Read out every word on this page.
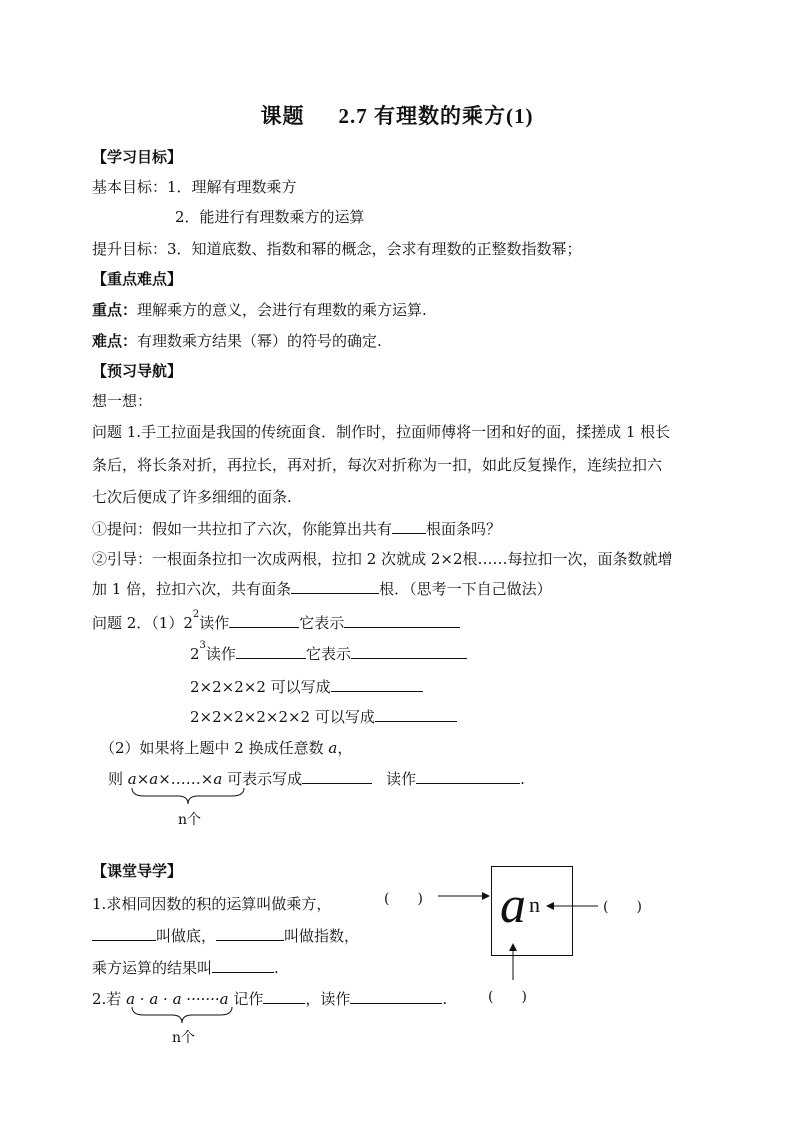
课题 2.7 有理数的乘方(1)
【学习目标】
基本目标：1．理解有理数乘方
2．能进行有理数乘方的运算
提升目标：3．知道底数、指数和幂的概念，会求有理数的正整数指数幂；
【重点难点】
重点：理解乘方的意义，会进行有理数的乘方运算.
难点：有理数乘方结果（幂）的符号的确定.
【预习导航】
想一想：
问题 1.手工拉面是我国的传统面食．制作时，拉面师傅将一团和好的面，揉搓成 1 根长
条后，将长条对折，再拉长，再对折，每次对折称为一扣，如此反复操作，连续拉扣六
七次后便成了许多细细的面条.
①提问：假如一共拉扣了六次，你能算出共有 根面条吗？
②引导：一根面条拉扣一次成两根，拉扣 2 次就成 2×2根……每拉扣一次，面条数就增
加 1 倍，拉扣六次，共有面条	根．（思考一下自己做法）
问题 2．$(1)2^2$读作	它表示
$2^3$读作	它表示
2×2×2×2 可以写成
2×2×2×2×2×2 可以写成
（2）如果将上题中 2 换成任意数 a，
则 a×a×……×a 可表示写成	读作	.
n个
【课堂导学】
1.求相同因数的积的运算叫做乘方，
叫做底，	叫做指数，
乘方运算的结果叫	.
2.若 a · a · a ·······a 记作	，读作	.
n个
a n
(　　)	(　　)
(　　)
